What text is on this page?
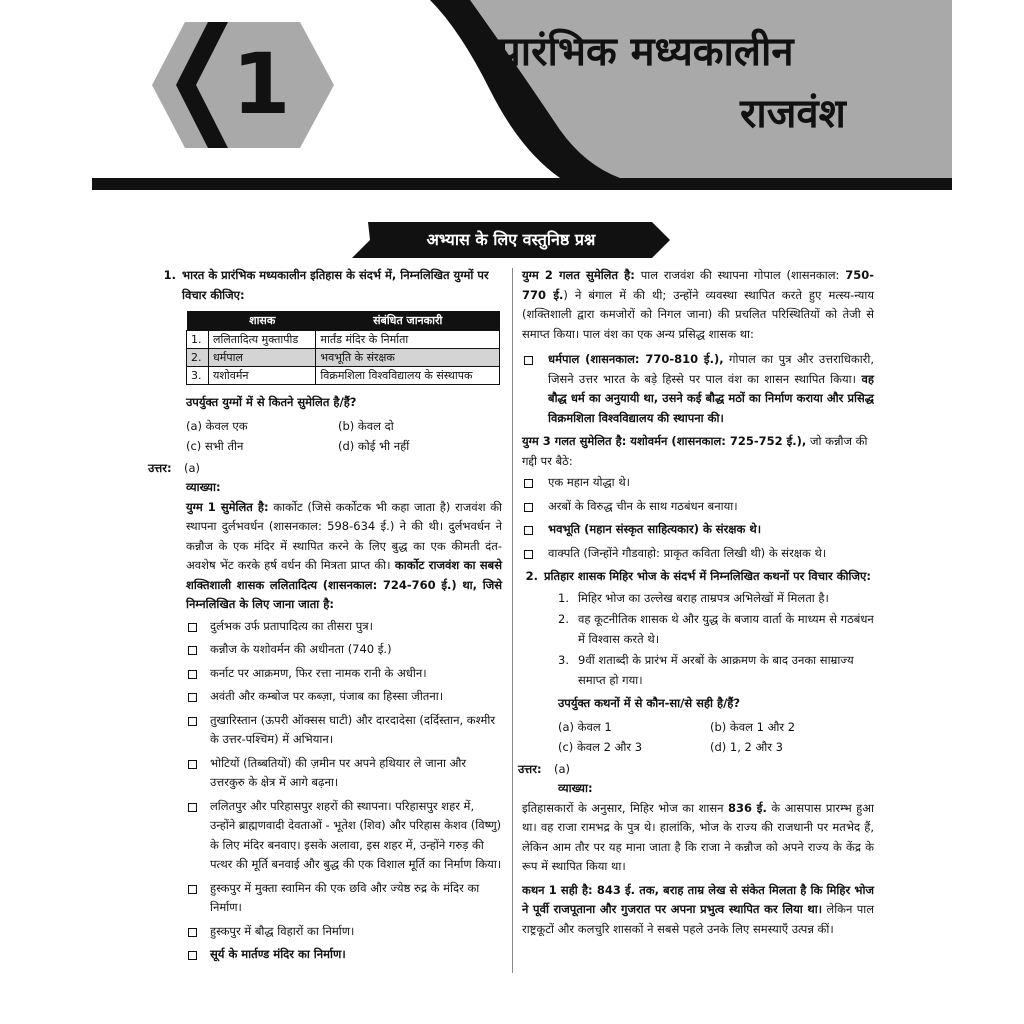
1	प्रारंभिक मध्यकालीन
राजवंश
अभ्यास के लिए वस्तुनिष्ठ प्रश्न
1. भारत के प्रारंभिक मध्यकालीन इतिहास के संदर्भ में, निम्नलिखित युग्मों पर विचार कीजिए:
	शासक	संबंधित जानकारी
1.	ललितादित्य मुक्तापीड	मार्तंड मंदिर के निर्माता
2.	धर्मपाल	भवभूति के संरक्षक
3.	यशोवर्मन	विक्रमशिला विश्वविद्यालय के संस्थापक

उपर्युक्त युग्मों में से कितने सुमेलित है/हैं?

(a) केवल एक	(b) केवल दो
(c) सभी तीन	(d) कोई भी नहीं
उत्तर:	(a)

व्याख्या:

युग्म 1 सुमेलित है: कार्कोट (जिसे कर्कोटक भी कहा जाता है) राजवंश की स्थापना दुर्लभवर्धन (शासनकाल: 598-634 ई.) ने की थी। दुर्लभवर्धन ने कन्नौज के एक मंदिर में स्थापित करने के लिए बुद्ध का एक कीमती दंत-अवशेष भेंट करके हर्ष वर्धन की मित्रता प्राप्त की। कार्कोट राजवंश का सबसे शक्तिशाली शासक ललितादित्य (शासनकाल: 724-760 ई.) था, जिसे निम्नलिखित के लिए जाना जाता है:

दुर्लभक उर्फ प्रतापादित्य का तीसरा पुत्र।
कन्नौज के यशोवर्मन की अधीनता (740 ई.)
कर्नाट पर आक्रमण, फिर रत्ता नामक रानी के अधीन।
अवंती और कम्बोज पर कब्ज़ा, पंजाब का हिस्सा जीतना।
तुखारिस्तान (ऊपरी ऑक्सस घाटी) और दारदादेसा (दर्दिस्तान, कश्मीर के उत्तर-पश्चिम) में अभियान।
भोटियों (तिब्बतियों) की ज़मीन पर अपने हथियार ले जाना और उत्तरकुरु के क्षेत्र में आगे बढ़ना।
ललितपुर और परिहासपुर शहरों की स्थापना। परिहासपुर शहर में, उन्होंने ब्राह्मणवादी देवताओं - भूतेश (शिव) और परिहास केशव (विष्णु) के लिए मंदिर बनवाए। इसके अलावा, इस शहर में, उन्होंने गरुड़ की पत्थर की मूर्ति बनवाई और बुद्ध की एक विशाल मूर्ति का निर्माण किया।
हुस्कपुर में मुक्ता स्वामिन की एक छवि और ज्येष्ठ रुद्र के मंदिर का निर्माण।
हुस्कपुर में बौद्ध विहारों का निर्माण।
सूर्य के मार्तण्ड मंदिर का निर्माण।

युग्म 2 गलत सुमेलित है: पाल राजवंश की स्थापना गोपाल (शासनकाल: 750-770 ई.) ने बंगाल में की थी; उन्होंने व्यवस्था स्थापित करते हुए मत्स्य-न्याय (शक्तिशाली द्वारा कमजोरों को निगल जाना) की प्रचलित परिस्थितियों को तेजी से समाप्त किया। पाल वंश का एक अन्य प्रसिद्ध शासक था:

धर्मपाल (शासनकाल: 770-810 ई.), गोपाल का पुत्र और उत्तराधिकारी, जिसने उत्तर भारत के बड़े हिस्से पर पाल वंश का शासन स्थापित किया। वह बौद्ध धर्म का अनुयायी था, उसने कई बौद्ध मठों का निर्माण कराया और प्रसिद्ध विक्रमशिला विश्वविद्यालय की स्थापना की।

युग्म 3 गलत सुमेलित है: यशोवर्मन (शासनकाल: 725-752 ई.), जो कन्नौज की गद्दी पर बैठे:

एक महान योद्धा थे।
अरबों के विरुद्ध चीन के साथ गठबंधन बनाया।
भवभूति (महान संस्कृत साहित्यकार) के संरक्षक थे।
वाक्पति (जिन्होंने गौडवाहो: प्राकृत कविता लिखी थी) के संरक्षक थे।
2. प्रतिहार शासक मिहिर भोज के संदर्भ में निम्नलिखित कथनों पर विचार कीजिए:
1. मिहिर भोज का उल्लेख बराह ताम्रपत्र अभिलेखों में मिलता है।
2. वह कूटनीतिक शासक थे और युद्ध के बजाय वार्ता के माध्यम से गठबंधन में विश्वास करते थे।
3. 9वीं शताब्दी के प्रारंभ में अरबों के आक्रमण के बाद उनका साम्राज्य समाप्त हो गया।

उपर्युक्त कथनों में से कौन-सा/से सही है/हैं?

(a) केवल 1	(b) केवल 1 और 2
(c) केवल 2 और 3	(d) 1, 2 और 3
उत्तर:	(a)

व्याख्या:

इतिहासकारों के अनुसार, मिहिर भोज का शासन 836 ई. के आसपास प्रारम्भ हुआ था। वह राजा रामभद्र के पुत्र थे। हालांकि, भोज के राज्य की राजधानी पर मतभेद हैं, लेकिन आम तौर पर यह माना जाता है कि राजा ने कन्नौज को अपने राज्य के केंद्र के रूप में स्थापित किया था।

कथन 1 सही है: 843 ई. तक, बराह ताम्र लेख से संकेत मिलता है कि मिहिर भोज ने पूर्वी राजपूताना और गुजरात पर अपना प्रभुत्व स्थापित कर लिया था। लेकिन पाल राष्ट्रकूटों और कलचुरि शासकों ने सबसे पहले उनके लिए समस्याएँ उत्पन्न कीं।
